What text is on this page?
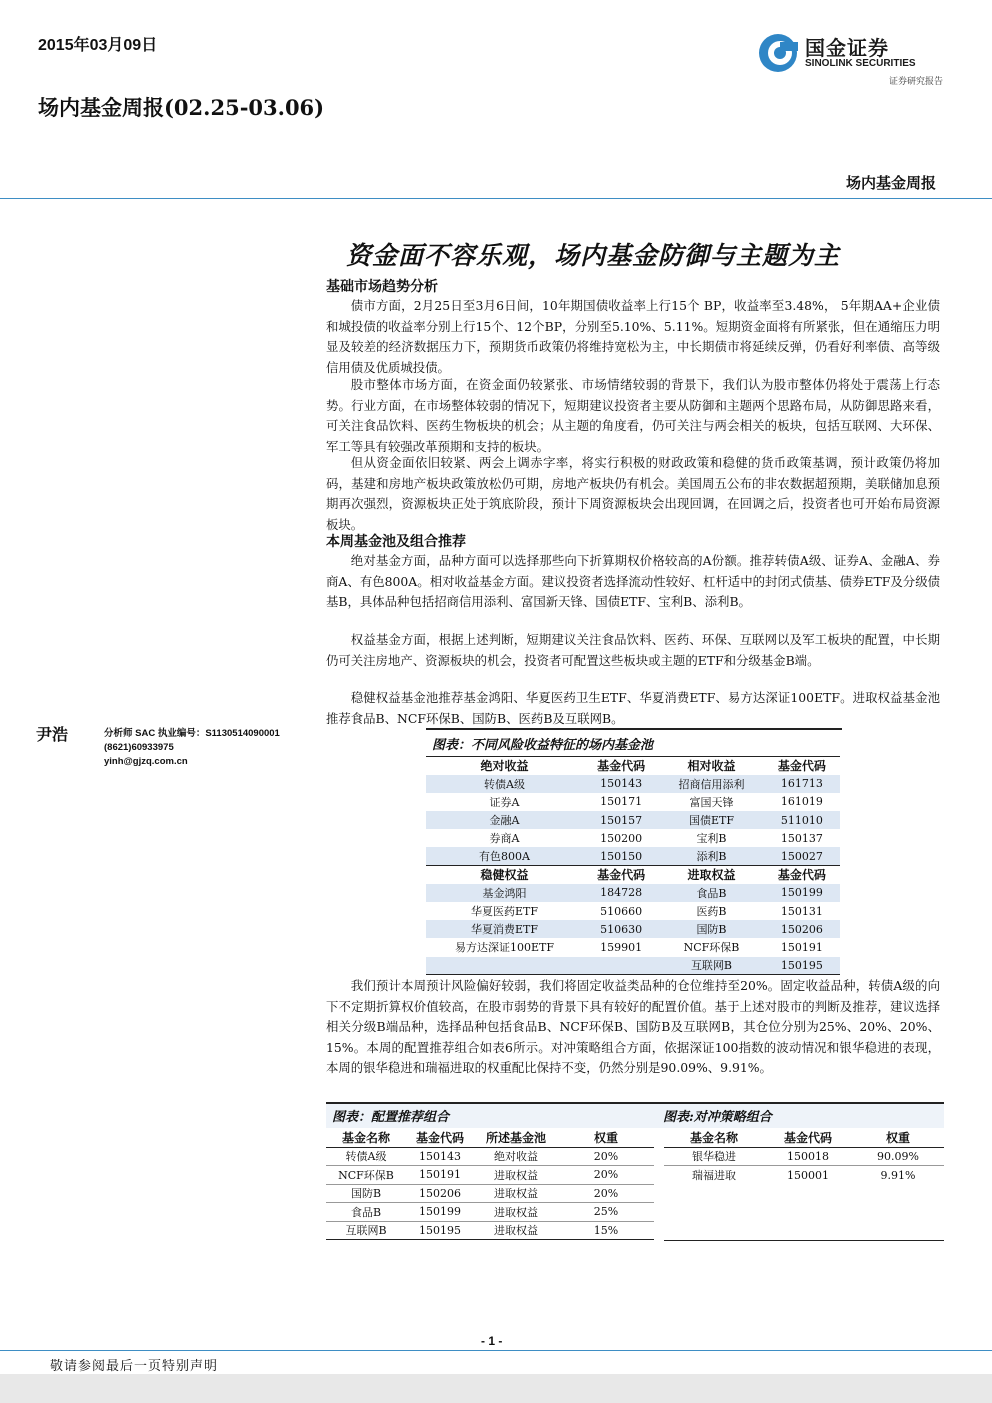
2015年03月09日
场内基金周报(02.25-03.06)
国金证券
SINOLINK SECURITIES
证券研究报告
场内基金周报
资金面不容乐观，场内基金防御与主题为主
基础市场趋势分析

债市方面，2月25日至3月6日间，10年期国债收益率上行15个 BP，收益率至3.48%， 5年期AA+企业债和城投债的收益率分别上行15个、12个BP，分别至5.10%、5.11%。短期资金面将有所紧张，但在通缩压力明显及较差的经济数据压力下，预期货币政策仍将维持宽松为主，中长期债市将延续反弹，仍看好利率债、高等级信用债及优质城投债。

股市整体市场方面，在资金面仍较紧张、市场情绪较弱的背景下，我们认为股市整体仍将处于震荡上行态势。行业方面，在市场整体较弱的情况下，短期建议投资者主要从防御和主题两个思路布局，从防御思路来看，可关注食品饮料、医药生物板块的机会；从主题的角度看，仍可关注与两会相关的板块，包括互联网、大环保、军工等具有较强改革预期和支持的板块。

但从资金面依旧较紧、两会上调赤字率，将实行积极的财政政策和稳健的货币政策基调，预计政策仍将加码，基建和房地产板块政策放松仍可期，房地产板块仍有机会。美国周五公布的非农数据超预期，美联储加息预期再次强烈，资源板块正处于筑底阶段，预计下周资源板块会出现回调，在回调之后，投资者也可开始布局资源板块。

本周基金池及组合推荐

绝对基金方面，品种方面可以选择那些向下折算期权价格较高的A份额。推荐转债A级、证券A、金融A、券商A、有色800A。相对收益基金方面。建议投资者选择流动性较好、杠杆适中的封闭式债基、债券ETF及分级债基B，具体品种包括招商信用添利、富国新天锋、国债ETF、宝利B、添利B。

权益基金方面，根据上述判断，短期建议关注食品饮料、医药、环保、互联网以及军工板块的配置，中长期仍可关注房地产、资源板块的机会，投资者可配置这些板块或主题的ETF和分级基金B端。

稳健权益基金池推荐基金鸿阳、华夏医药卫生ETF、华夏消费ETF、易方达深证100ETF。进取权益基金池推荐食品B、NCF环保B、国防B、医药B及互联网B。

尹浩	分析师 SAC 执业编号：S1130514090001
(8621)60933975
yinh@gjzq.com.cn
图表：不同风险收益特征的场内基金池
绝对收益	基金代码	相对收益	基金代码
转债A级	150143	招商信用添利	161713
证券A	150171	富国天锋	161019
金融A	150157	国债ETF	511010
券商A	150200	宝利B	150137
有色800A	150150	添利B	150027
稳健权益	基金代码	进取权益	基金代码
基金鸿阳	184728	食品B	150199
华夏医药ETF	510660	医药B	150131
华夏消费ETF	510630	国防B	150206
易方达深证100ETF	159901	NCF环保B	150191
		互联网B	150195

我们预计本周预计风险偏好较弱，我们将固定收益类品种的仓位维持至20%。固定收益品种，转债A级的向下不定期折算权价值较高，在股市弱势的背景下具有较好的配置价值。基于上述对股市的判断及推荐，建议选择相关分级B端品种，选择品种包括食品B、NCF环保B、国防B及互联网B，其仓位分别为25%、20%、20%、15%。本周的配置推荐组合如表6所示。对冲策略组合方面，依据深证100指数的波动情况和银华稳进的表现，本周的银华稳进和瑞福进取的权重配比保持不变，仍然分别是90.09%、9.91%。

图表：配置推荐组合	图表:对冲策略组合
基金名称	基金代码	所述基金池	权重
转债A级	150143	绝对收益	20%
NCF环保B	150191	进取权益	20%
国防B	150206	进取权益	20%
食品B	150199	进取权益	25%
互联网B	150195	进取权益	15%
基金名称	基金代码	权重
银华稳进	150018	90.09%
瑞福进取	150001	9.91%
- 1 -
敬请参阅最后一页特别声明
